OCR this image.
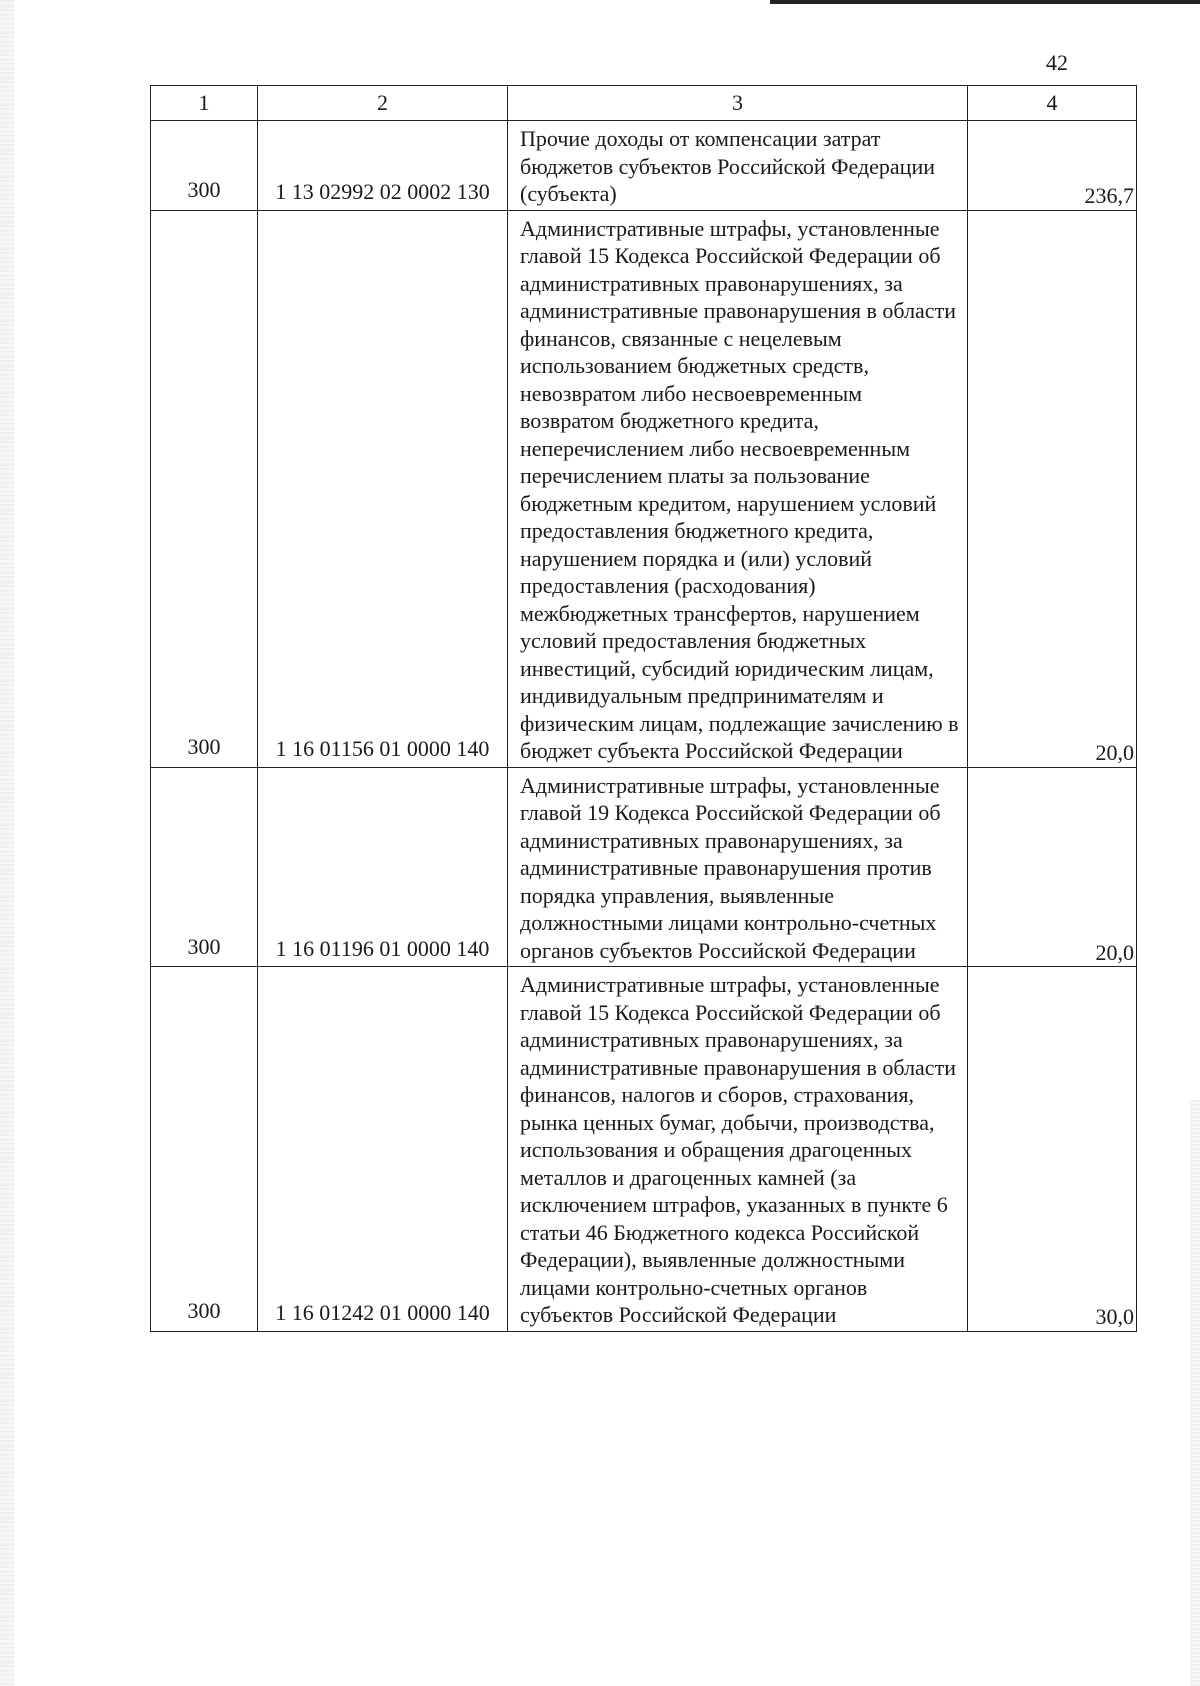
42
1	2	3	4
300	1 13 02992 02 0002 130	Прочие доходы от компенсации затрат бюджетов субъектов Российской Федерации (субъекта)	236,7
300	1 16 01156 01 0000 140	Административные штрафы, установленные главой 15 Кодекса Российской Федерации об административных правонарушениях, за административные правонарушения в области финансов, связанные с нецелевым использованием бюджетных средств, невозвратом либо несвоевременным возвратом бюджетного кредита, неперечислением либо несвоевременным перечислением платы за пользование бюджетным кредитом, нарушением условий предоставления бюджетного кредита, нарушением порядка и (или) условий предоставления (расходования) межбюджетных трансфертов, нарушением условий предоставления бюджетных инвестиций, субсидий юридическим лицам, индивидуальным предпринимателям и физическим лицам, подлежащие зачислению в бюджет субъекта Российской Федерации	20,0
300	1 16 01196 01 0000 140	Административные штрафы, установленные главой 19 Кодекса Российской Федерации об административных правонарушениях, за административные правонарушения против порядка управления, выявленные должностными лицами контрольно-счетных органов субъектов Российской Федерации	20,0
300	1 16 01242 01 0000 140	Административные штрафы, установленные главой 15 Кодекса Российской Федерации об административных правонарушениях, за административные правонарушения в области финансов, налогов и сборов, страхования, рынка ценных бумаг, добычи, производства, использования и обращения драгоценных металлов и драгоценных камней (за исключением штрафов, указанных в пункте 6 статьи 46 Бюджетного кодекса Российской Федерации), выявленные должностными лицами контрольно-счетных органов субъектов Российской Федерации	30,0
